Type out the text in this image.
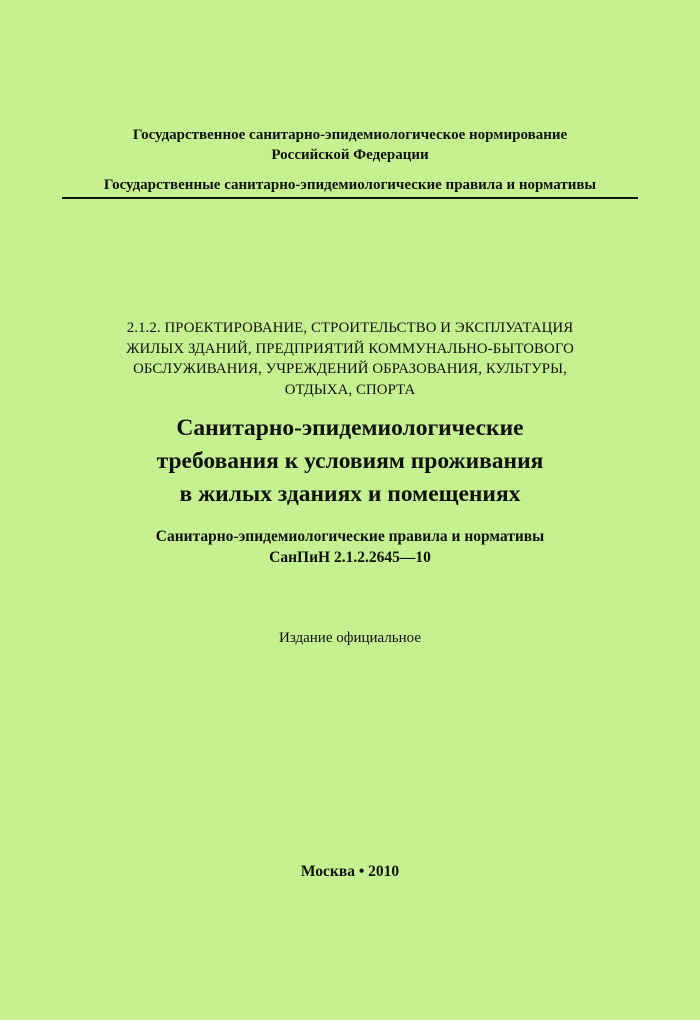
Государственное санитарно-эпидемиологическое нормирование
Российской Федерации
Государственные санитарно-эпидемиологические правила и нормативы
2.1.2. ПРОЕКТИРОВАНИЕ, СТРОИТЕЛЬСТВО И ЭКСПЛУАТАЦИЯ
ЖИЛЫХ ЗДАНИЙ, ПРЕДПРИЯТИЙ КОММУНАЛЬНО-БЫТОВОГО
ОБСЛУЖИВАНИЯ, УЧРЕЖДЕНИЙ ОБРАЗОВАНИЯ, КУЛЬТУРЫ,
ОТДЫХА, СПОРТА
Санитарно-эпидемиологические
требования к условиям проживания
в жилых зданиях и помещениях
Санитарно-эпидемиологические правила и нормативы
СанПиН 2.1.2.2645—10
Издание официальное
Москва • 2010
